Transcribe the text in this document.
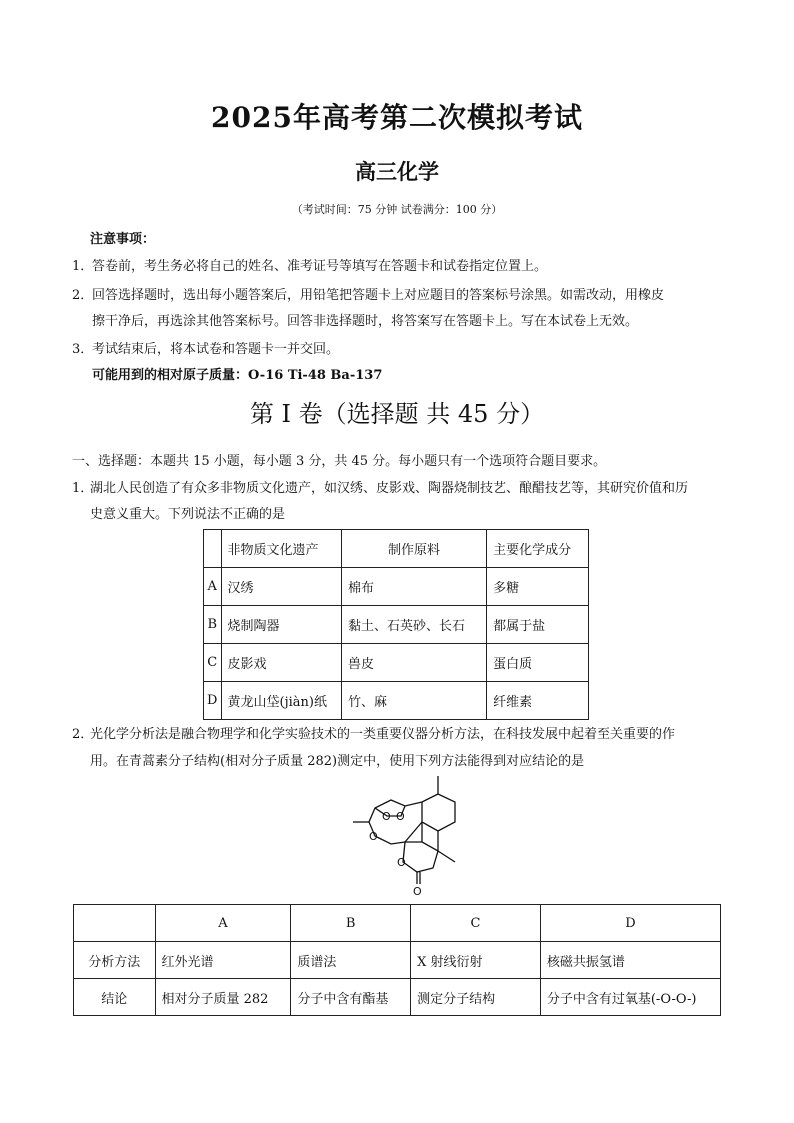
2025年高考第二次模拟考试
高三化学
（考试时间：75 分钟 试卷满分：100 分）
注意事项：
1．
答卷前，考生务必将自己的姓名、准考证号等填写在答题卡和试卷指定位置上。
2．
回答选择题时，选出每小题答案后，用铅笔把答题卡上对应题目的答案标号涂黑。如需改动，用橡皮
擦干净后，再选涂其他答案标号。回答非选择题时，将答案写在答题卡上。写在本试卷上无效。
3．
考试结束后，将本试卷和答题卡一并交回。
可能用到的相对原子质量：O-16 Ti-48 Ba-137
第 I 卷（选择题 共 45 分）
一、选择题：本题共 15 小题，每小题 3 分，共 45 分。每小题只有一个选项符合题目要求。
1．
湖北人民创造了有众多非物质文化遗产，如汉绣、皮影戏、陶器烧制技艺、酿醋技艺等，其研究价值和历
史意义重大。下列说法不正确的是
	非物质文化遗产	制作原料	主要化学成分
A	汉绣	棉布	多糖
B	烧制陶器	黏土、石英砂、长石	都属于盐
C	皮影戏	兽皮	蛋白质
D	黄龙山垈(jiàn)纸	竹、麻	纤维素
2．
光化学分析法是融合物理学和化学实验技术的一类重要仪器分析方法，在科技发展中起着至关重要的作
用。在青蒿素分子结构(相对分子质量 282)测定中，使用下列方法能得到对应结论的是
O O
O
O
O
	A	B	C	D
分析方法	红外光谱	质谱法	X 射线衍射	核磁共振氢谱
结论	相对分子质量 282	分子中含有酯基	测定分子结构	分子中含有过氧基(-O-O-)
